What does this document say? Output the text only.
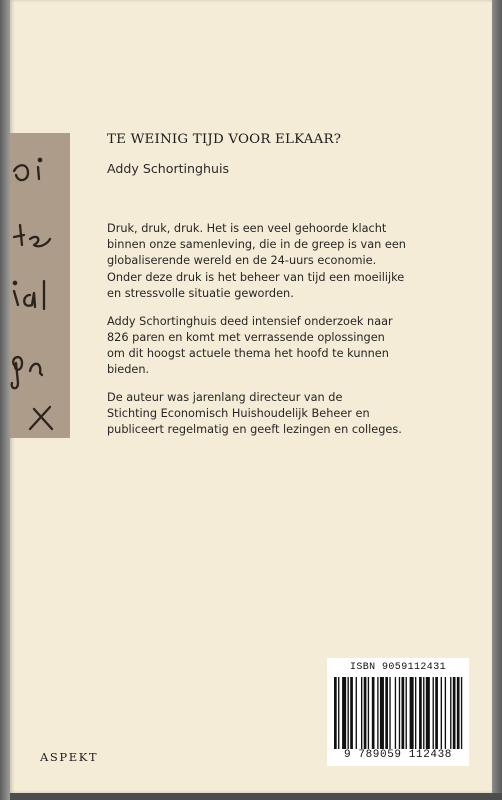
TE WEINIG TIJD VOOR ELKAAR?
Addy Schortinghuis

Druk, druk, druk. Het is een veel gehoorde klacht
binnen onze samenleving, die in de greep is van een
globaliserende wereld en de 24-uurs economie.
Onder deze druk is het beheer van tijd een moeilijke
en stressvolle situatie geworden.

Addy Schortinghuis deed intensief onderzoek naar
826 paren en komt met verrassende oplossingen
om dit hoogst actuele thema het hoofd te kunnen
bieden.

De auteur was jarenlang directeur van de
Stichting Economisch Huishoudelijk Beheer en
publiceert regelmatig en geeft lezingen en colleges.

ISBN 9059112431
9 789059 112438
ASPEKT
